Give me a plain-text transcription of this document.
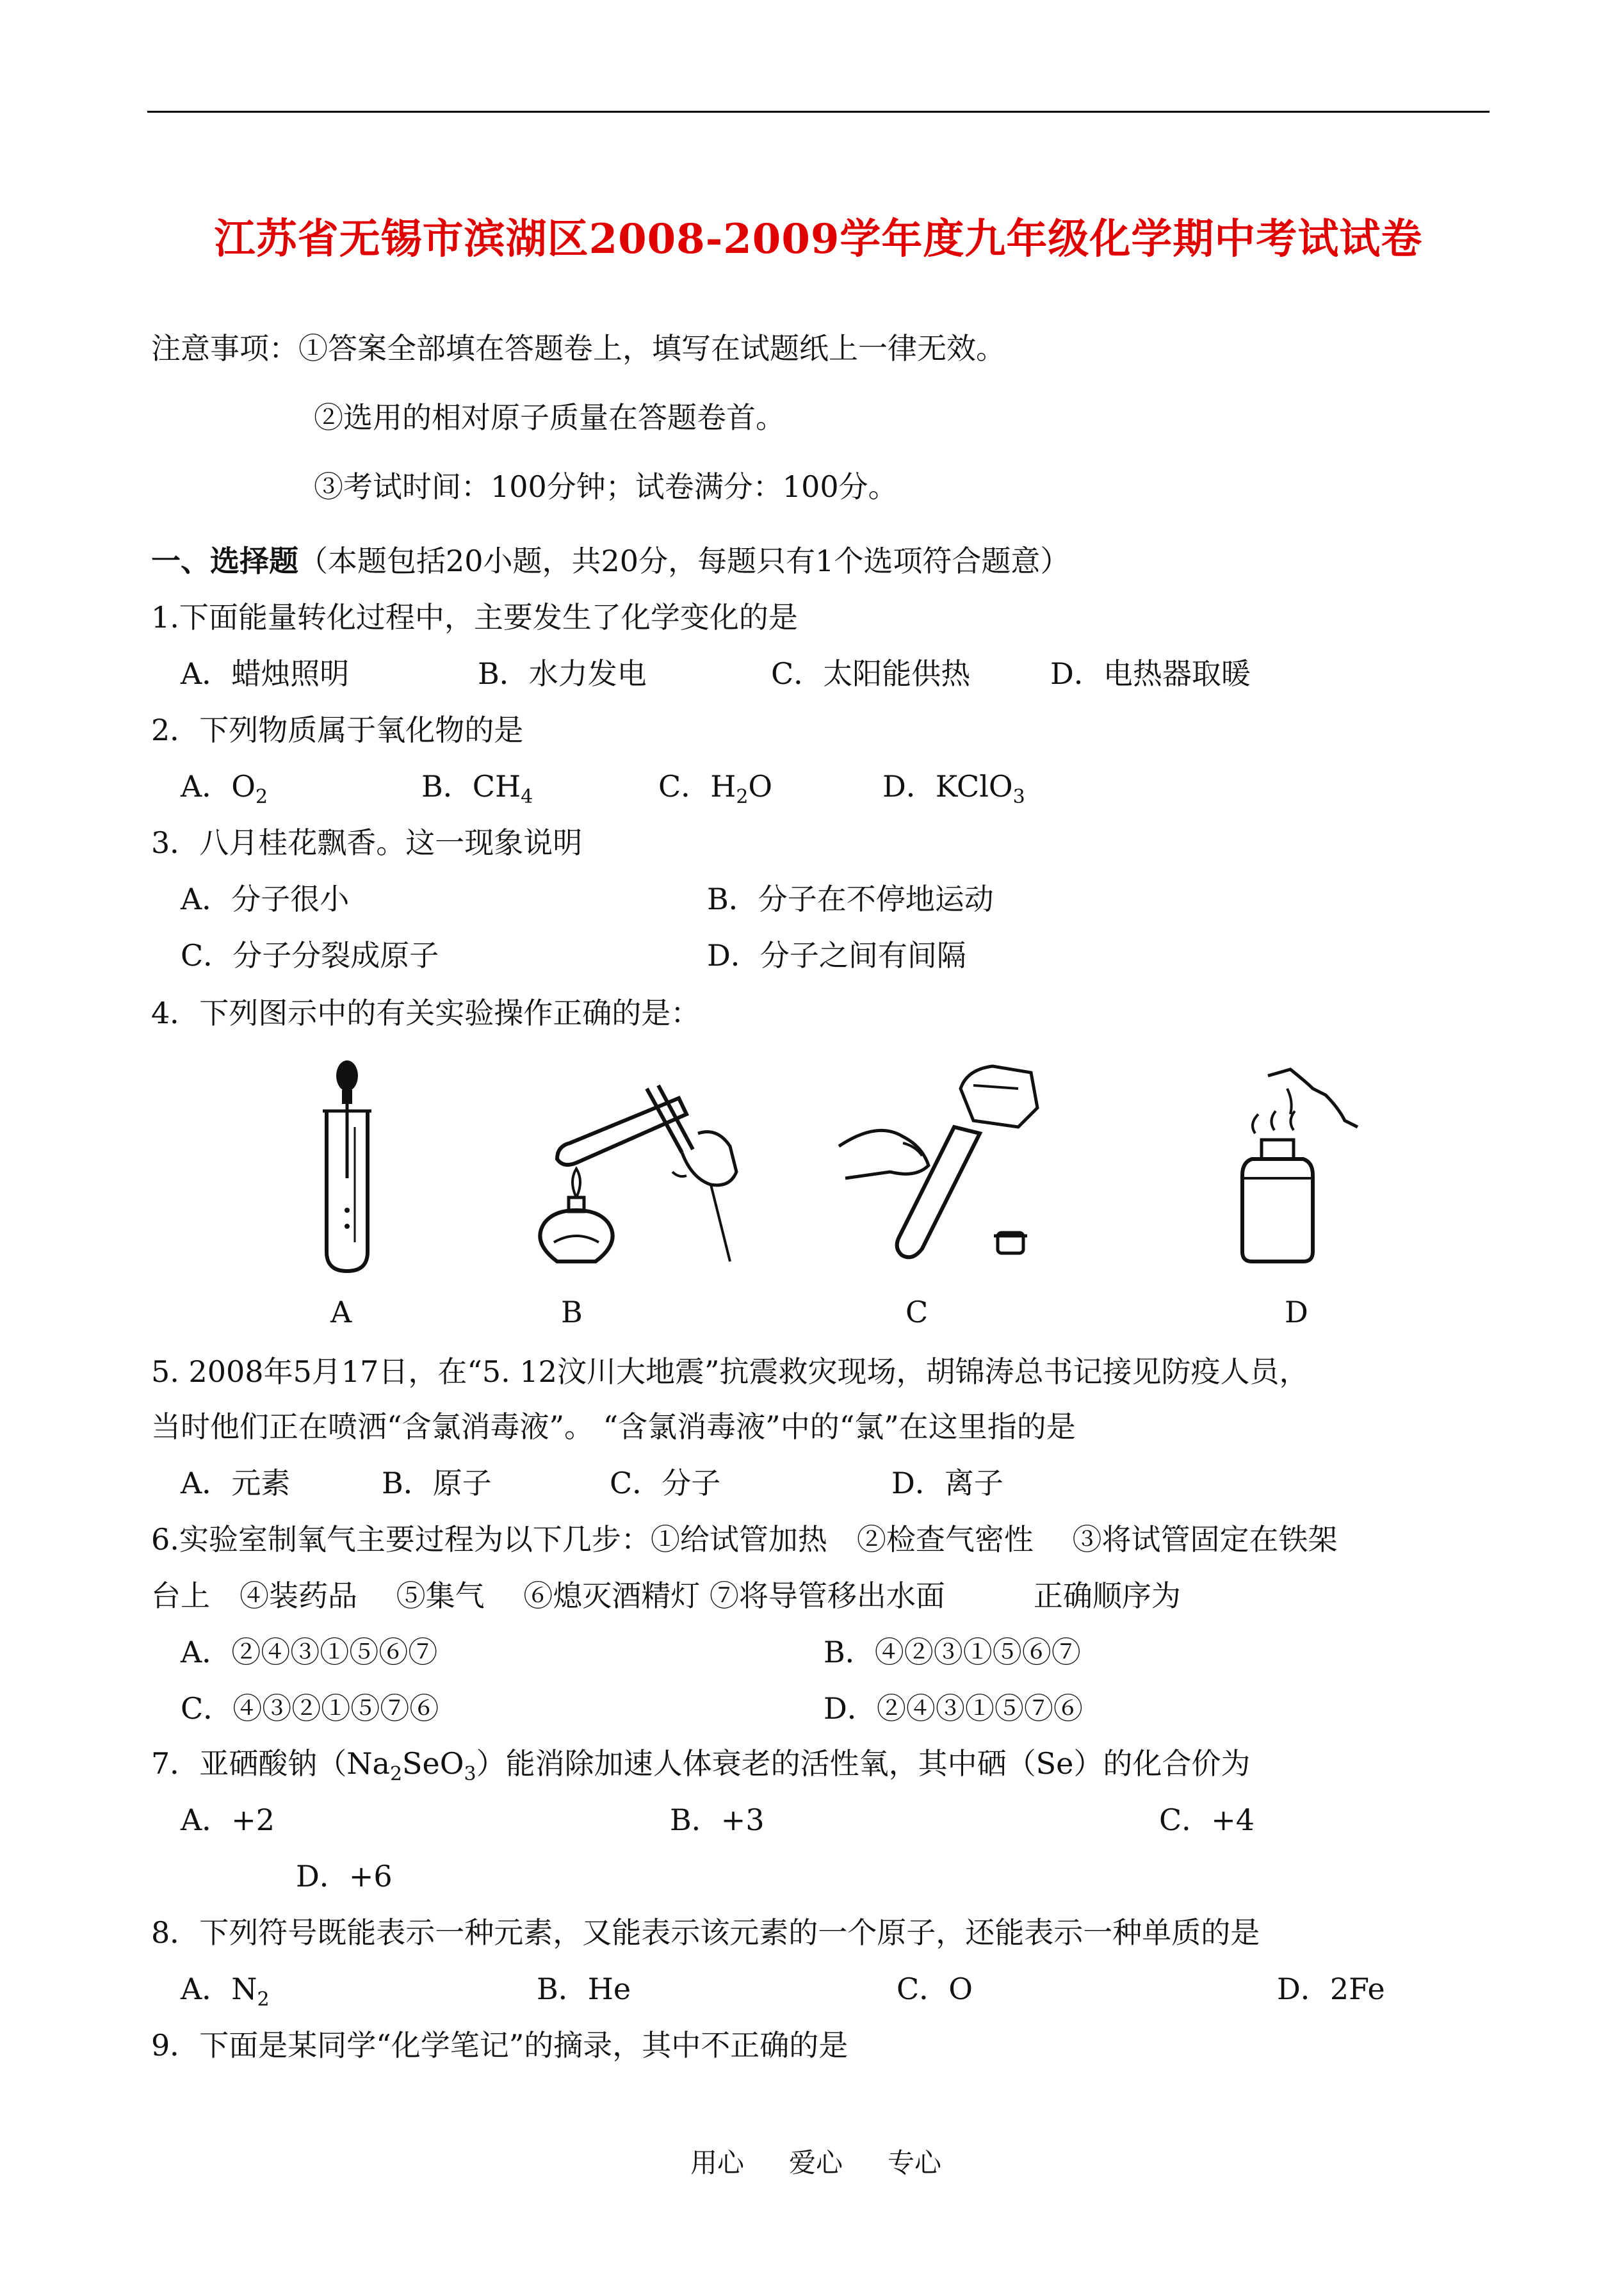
江苏省无锡市滨湖区2008-2009学年度九年级化学期中考试试卷
注意事项：①答案全部填在答题卷上，填写在试题纸上一律无效。
②选用的相对原子质量在答题卷首。
③考试时间：100分钟；试卷满分：100分。
一、选择题（本题包括20小题，共20分，每题只有1个选项符合题意）
1.下面能量转化过程中，主要发生了化学变化的是
A．蜡烛照明	B．水力发电	C．太阳能供热	D．电热器取暖
2．下列物质属于氧化物的是
A．$O_2$	B．$CH_4$	C．$H_2O$	D．KClO$_3$
3．八月桂花飘香。这一现象说明
A．分子很小	B．分子在不停地运动
C．分子分裂成原子	D．分子之间有间隔
4．下列图示中的有关实验操作正确的是：
A	B	C	D
5. 2008年5月17日，在“5. 12汶川大地震”抗震救灾现场，胡锦涛总书记接见防疫人员，
当时他们正在喷洒“含氯消毒液”。 “含氯消毒液”中的“氯”在这里指的是
A．元素	B．原子	C．分子	D．离子
6.实验室制氧气主要过程为以下几步：①给试管加热　②检查气密性　 ③将试管固定在铁架
台上　④装药品　 ⑤集气　 ⑥熄灭酒精灯 ⑦将导管移出水面　　　正确顺序为
A．②④③①⑤⑥⑦	B．④②③①⑤⑥⑦
C．④③②①⑤⑦⑥	D．②④③①⑤⑦⑥
7．亚硒酸钠$(Na_2SeO_3)$能消除加速人体衰老的活性氧，其中硒（Se）的化合价为
A．+2	B．+3	C．+4
D．+6
8．下列符号既能表示一种元素，又能表示该元素的一个原子，还能表示一种单质的是
A．$N_2$	B．He	C．O	D．2Fe
9．下面是某同学“化学笔记”的摘录，其中不正确的是
用心 爱心 专心
